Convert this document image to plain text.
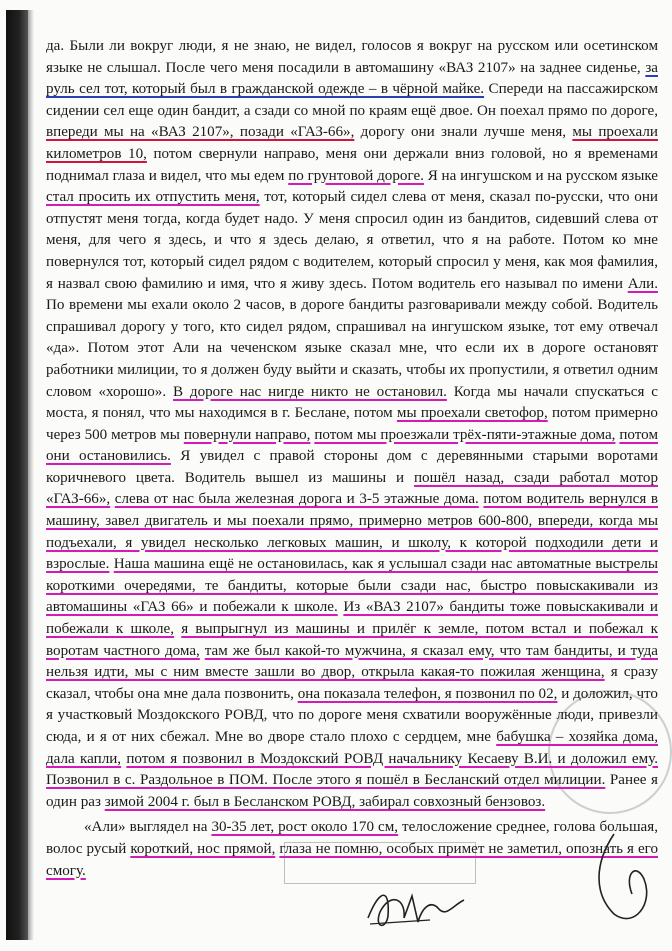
да. Были ли вокруг люди, я не знаю, не видел, голосов я вокруг на русском или осетинском языке не слышал. После чего меня посадили в автомашину «ВАЗ 2107» на заднее сиденье, за руль сел тот, который был в гражданской одежде – в чёрной майке. Спереди на пассажирском сидении сел еще один бандит, а сзади со мной по краям ещё двое. Он поехал прямо по дороге, впереди мы на «ВАЗ 2107», позади «ГАЗ-66», дорогу они знали лучше меня, мы проехали километров 10, потом свернули направо, меня они держали вниз головой, но я временами поднимал глаза и видел, что мы едем по грунтовой дороге. Я на ингушском и на русском языке стал просить их отпустить меня, тот, который сидел слева от меня, сказал по-русски, что они отпустят меня тогда, когда будет надо. У меня спросил один из бандитов, сидевший слева от меня, для чего я здесь, и что я здесь делаю, я ответил, что я на работе. Потом ко мне повернулся тот, который сидел рядом с водителем, который спросил у меня, как моя фамилия, я назвал свою фамилию и имя, что я живу здесь. Потом водитель его называл по имени Али. По времени мы ехали около 2 часов, в дороге бандиты разговаривали между собой. Водитель спрашивал дорогу у того, кто сидел рядом, спрашивал на ингушском языке, тот ему отвечал «да». Потом этот Али на чеченском языке сказал мне, что если их в дороге остановят работники милиции, то я должен буду выйти и сказать, чтобы их пропустили, я ответил одним словом «хорошо». В дороге нас нигде никто не остановил. Когда мы начали спускаться с моста, я понял, что мы находимся в г. Беслане, потом мы проехали светофор, потом примерно через 500 метров мы повернули направо, потом мы проезжали трёх-пяти-этажные дома, потом они остановились. Я увидел с правой стороны дом с деревянными старыми воротами коричневого цвета. Водитель вышел из машины и пошёл назад, сзади работал мотор «ГАЗ-66», слева от нас была железная дорога и 3-5 этажные дома. потом водитель вернулся в машину, завел двигатель и мы поехали прямо, примерно метров 600-800, впереди, когда мы подъехали, я увидел несколько легковых машин, и школу, к которой подходили дети и взрослые. Наша машина ещё не остановилась, как я услышал сзади нас автоматные выстрелы короткими очередями, те бандиты, которые были сзади нас, быстро повыскакивали из автомашины «ГАЗ 66» и побежали к школе. Из «ВАЗ 2107» бандиты тоже повыскакивали и побежали к школе, я выпрыгнул из машины и прилёг к земле, потом встал и побежал к воротам частного дома, там же был какой-то мужчина, я сказал ему, что там бандиты, и туда нельзя идти, мы с ним вместе зашли во двор, открыла какая-то пожилая женщина, я сразу сказал, чтобы она мне дала позвонить, она показала телефон, я позвонил по 02, и доложил, что я участковый Моздокского РОВД, что по дороге меня схватили вооружённые люди, привезли сюда, и я от них сбежал. Мне во дворе стало плохо с сердцем, мне бабушка – хозяйка дома, дала капли, потом я позвонил в Моздокский РОВД начальнику Кесаеву В.И. и доложил ему. Позвонил в с. Раздольное в ПОМ. После этого я пошёл в Бесланский отдел милиции. Ранее я один раз зимой 2004 г. был в Бесланском РОВД, забирал совхозный бензовоз.

«Али» выглядел на 30-35 лет, рост около 170 см, телосложение среднее, голова большая, волос русый короткий, нос прямой, глаза не помню, особых примет не заметил, опознать я его смогу.
